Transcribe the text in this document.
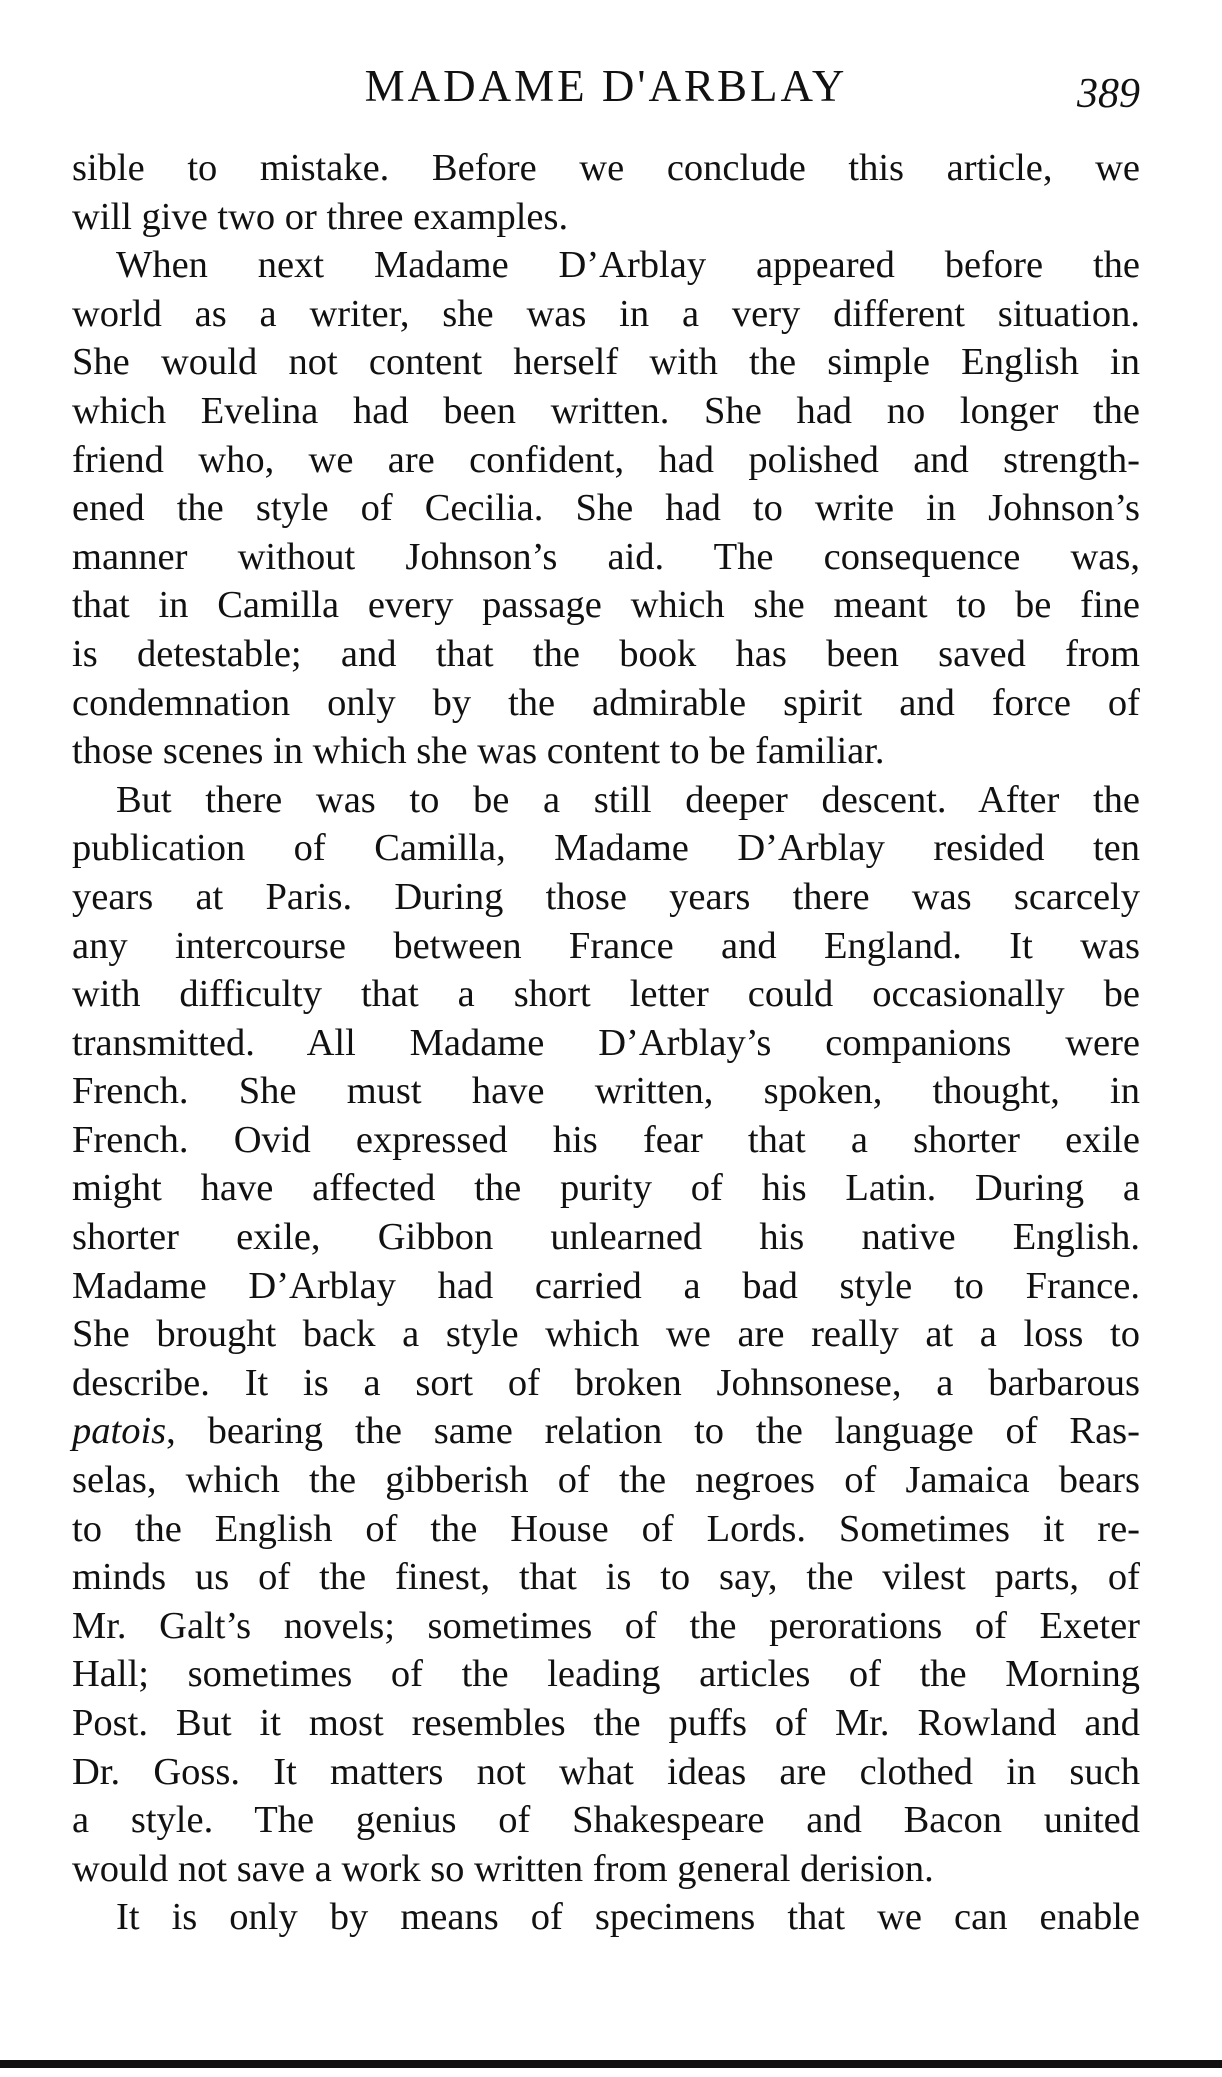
MADAME D'ARBLAY	389
sible to mistake. Before we conclude this article, we
will give two or three examples.
When next Madame D’Arblay appeared before the
world as a writer, she was in a very different situation.
She would not content herself with the simple English in
which Evelina had been written. She had no longer the
friend who, we are confident, had polished and strength-
ened the style of Cecilia. She had to write in Johnson’s
manner without Johnson’s aid. The consequence was,
that in Camilla every passage which she meant to be fine
is detestable; and that the book has been saved from
condemnation only by the admirable spirit and force of
those scenes in which she was content to be familiar.
But there was to be a still deeper descent. After the
publication of Camilla, Madame D’Arblay resided ten
years at Paris. During those years there was scarcely
any intercourse between France and England. It was
with difficulty that a short letter could occasionally be
transmitted. All Madame D’Arblay’s companions were
French. She must have written, spoken, thought, in
French. Ovid expressed his fear that a shorter exile
might have affected the purity of his Latin. During a
shorter exile, Gibbon unlearned his native English.
Madame D’Arblay had carried a bad style to France.
She brought back a style which we are really at a loss to
describe. It is a sort of broken Johnsonese, a barbarous
patois, bearing the same relation to the language of Ras-
selas, which the gibberish of the negroes of Jamaica bears
to the English of the House of Lords. Sometimes it re-
minds us of the finest, that is to say, the vilest parts, of
Mr. Galt’s novels; sometimes of the perorations of Exeter
Hall; sometimes of the leading articles of the Morning
Post. But it most resembles the puffs of Mr. Rowland and
Dr. Goss. It matters not what ideas are clothed in such
a style. The genius of Shakespeare and Bacon united
would not save a work so written from general derision.
It is only by means of specimens that we can enable
